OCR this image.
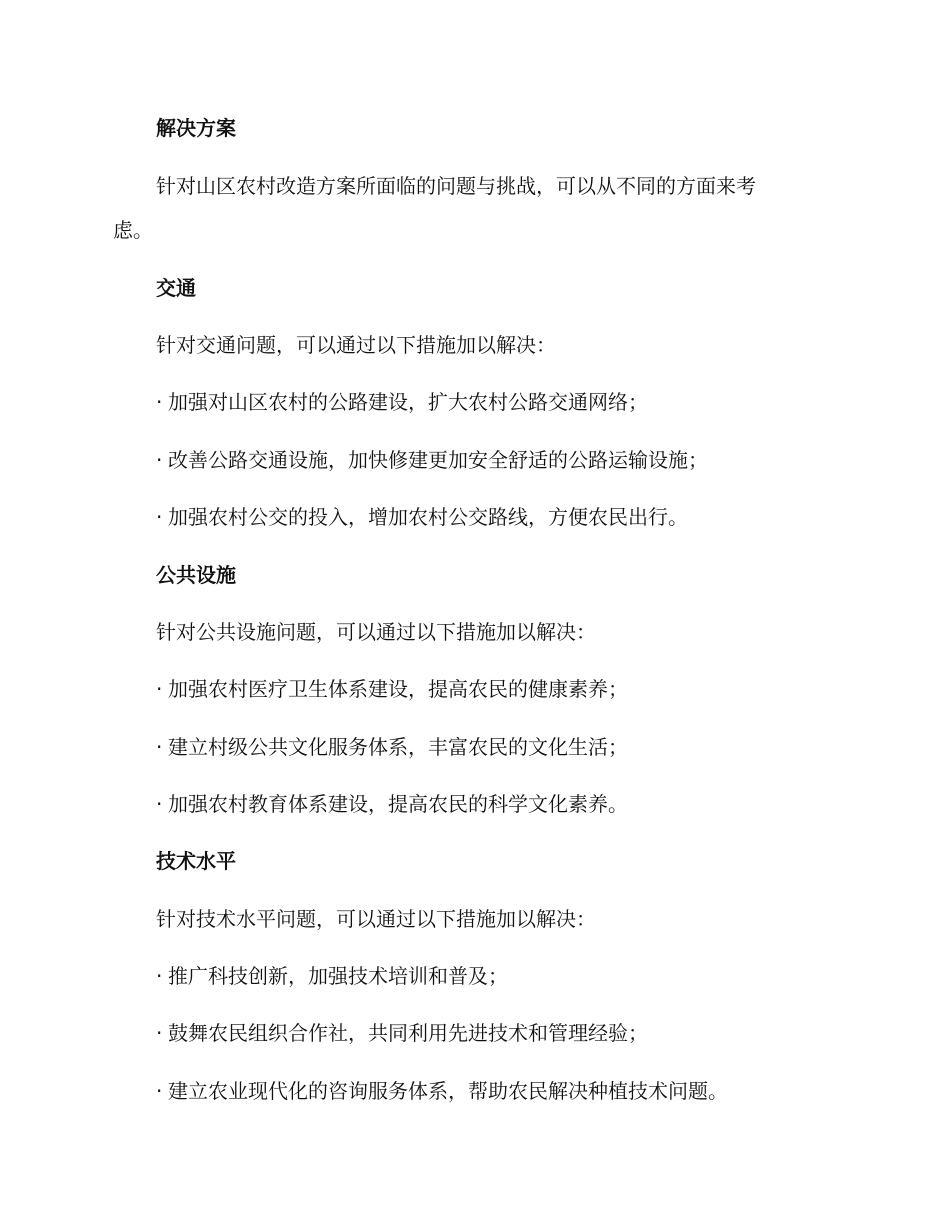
解决方案
针对山区农村改造方案所面临的问题与挑战，可以从不同的方面来考
虑。
交通
针对交通问题，可以通过以下措施加以解决：
· 加强对山区农村的公路建设，扩大农村公路交通网络；
· 改善公路交通设施，加快修建更加安全舒适的公路运输设施；
· 加强农村公交的投入，增加农村公交路线，方便农民出行。
公共设施
针对公共设施问题，可以通过以下措施加以解决：
· 加强农村医疗卫生体系建设，提高农民的健康素养；
· 建立村级公共文化服务体系，丰富农民的文化生活；
· 加强农村教育体系建设，提高农民的科学文化素养。
技术水平
针对技术水平问题，可以通过以下措施加以解决：
· 推广科技创新，加强技术培训和普及；
· 鼓舞农民组织合作社，共同利用先进技术和管理经验；
· 建立农业现代化的咨询服务体系，帮助农民解决种植技术问题。
